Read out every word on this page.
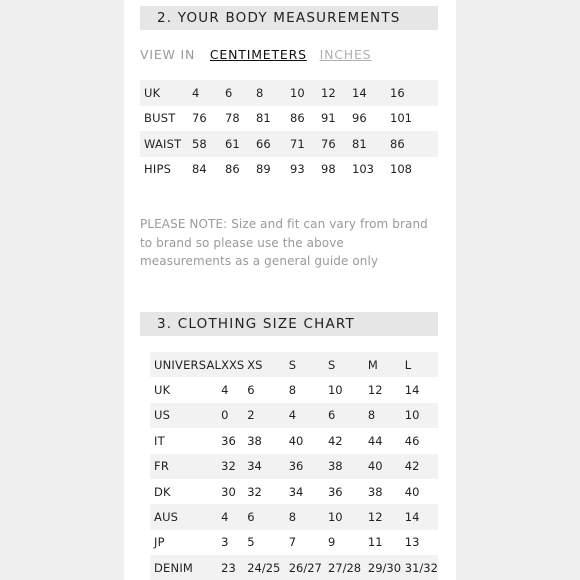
2. YOUR BODY MEASUREMENTS
VIEW IN CENTIMETERS INCHES
UK	4	6	8	10	12	14	16
BUST	76	78	81	86	91	96	101
WAIST	58	61	66	71	76	81	86
HIPS	84	86	89	93	98	103	108

PLEASE NOTE: Size and fit can vary from brand to brand so please use the above measurements as a general guide only

3. CLOTHING SIZE CHART
UNIVERSAL	XXS	XS	S	S	M	L
UK	4	6	8	10	12	14
US	0	2	4	6	8	10
IT	36	38	40	42	44	46
FR	32	34	36	38	40	42
DK	30	32	34	36	38	40
AUS	4	6	8	10	12	14
JP	3	5	7	9	11	13
DENIM	23	24/25	26/27	27/28	29/30	31/32
